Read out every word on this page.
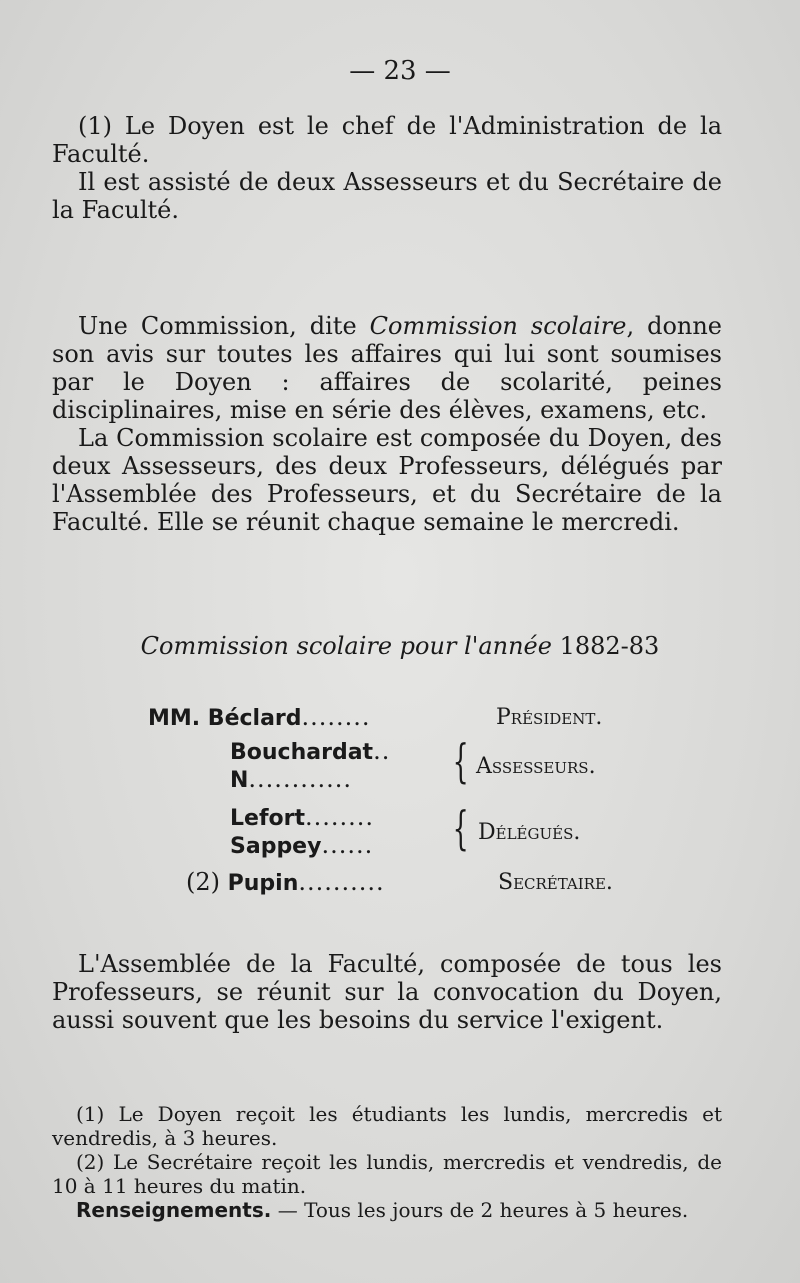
— 23 —

(1) Le Doyen est le chef de l'Administration de la Faculté.

Il est assisté de deux Assesseurs et du Secrétaire de la Faculté.

Une Commission, dite Commission scolaire, donne son avis sur toutes les affaires qui lui sont soumises par le Doyen : affaires de scolarité, peines disciplinaires, mise en série des élèves, examens, etc.

La Commission scolaire est composée du Doyen, des deux Assesseurs, des deux Professeurs, délégués par l'Assemblée des Professeurs, et du Secrétaire de la Faculté. Elle se réunit chaque semaine le mercredi.

Commission scolaire pour l'année 1882-83
MM. Béclard........	Président.
Bouchardat..
N............ { Assesseurs.
Lefort........
Sappey...... { Délégués.
(2) Pupin..........	Secrétaire.

L'Assemblée de la Faculté, composée de tous les Professeurs, se réunit sur la convocation du Doyen, aussi souvent que les besoins du service l'exigent.

(1) Le Doyen reçoit les étudiants les lundis, mercredis et vendredis, à 3 heures.

(2) Le Secrétaire reçoit les lundis, mercredis et vendredis, de 10 à 11 heures du matin.

Renseignements. — Tous les jours de 2 heures à 5 heures.
